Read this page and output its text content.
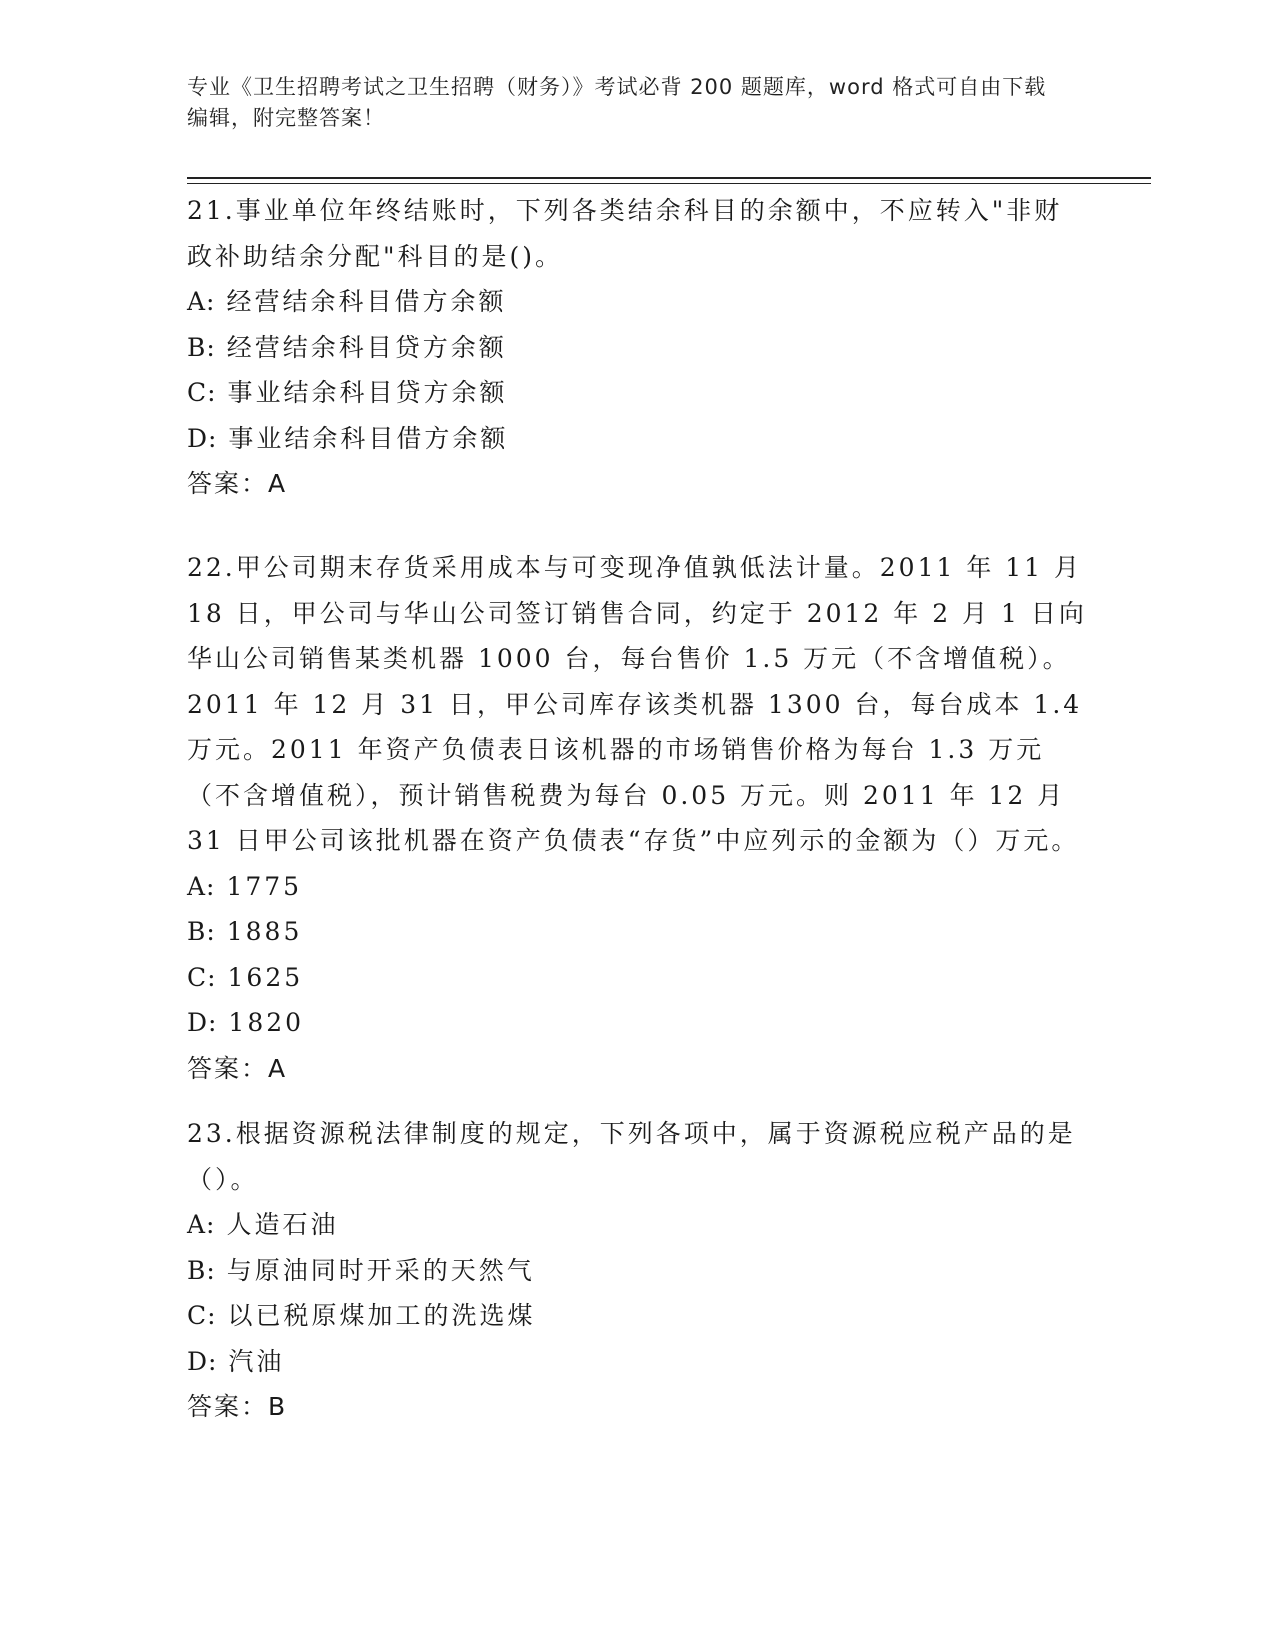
专业《卫生招聘考试之卫生招聘（财务）》考试必背 200 题题库，word 格式可自由下载编辑，附完整答案！

21.事业单位年终结账时，下列各类结余科目的余额中，不应转入"非财政补助结余分配"科目的是()。

A: 经营结余科目借方余额

B: 经营结余科目贷方余额

C: 事业结余科目贷方余额

D: 事业结余科目借方余额

答案：A

22.甲公司期末存货采用成本与可变现净值孰低法计量。2011 年 11 月 18 日，甲公司与华山公司签订销售合同，约定于 2012 年 2 月 1 日向华山公司销售某类机器 1000 台，每台售价 1.5 万元（不含增值税）。2011 年 12 月 31 日，甲公司库存该类机器 1300 台，每台成本 1.4 万元。2011 年资产负债表日该机器的市场销售价格为每台 1.3 万元（不含增值税），预计销售税费为每台 0.05 万元。则 2011 年 12 月 31 日甲公司该批机器在资产负债表“存货”中应列示的金额为（）万元。

A: 1775

B: 1885

C: 1625

D: 1820

答案：A

23.根据资源税法律制度的规定，下列各项中，属于资源税应税产品的是（）。

A: 人造石油

B: 与原油同时开采的天然气

C: 以已税原煤加工的洗选煤

D: 汽油

答案：B
